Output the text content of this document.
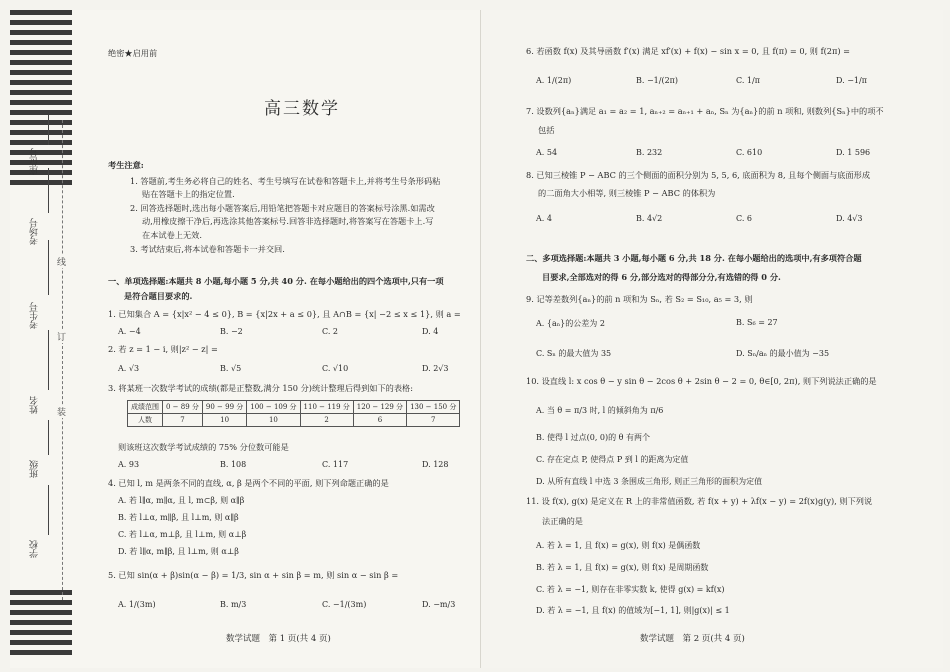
座位号
考场号
考生号
姓名
班级
学校
线
订
装
绝密★启用前
高三数学
考生注意:
1. 答题前,考生务必将自己的姓名、考生号填写在试卷和答题卡上,并将考生号条形码粘
贴在答题卡上的指定位置.
2. 回答选择题时,选出每小题答案后,用铅笔把答题卡对应题目的答案标号涂黑.如需改
动,用橡皮擦干净后,再选涂其他答案标号.回答非选择题时,将答案写在答题卡上.写
在本试卷上无效.
3. 考试结束后,将本试卷和答题卡一并交回.
一、单项选择题:本题共 8 小题,每小题 5 分,共 40 分. 在每小题给出的四个选项中,只有一项
是符合题目要求的.
1. 已知集合 A = {x|x² − 4 ≤ 0}, B = {x|2x + a ≤ 0}, 且 A∩B = {x| −2 ≤ x ≤ 1}, 则 a =
A. −4	B. −2	C. 2	D. 4
2. 若 z = 1 − i, 则|z² − z| =
A. √3	B. √5	C. √10	D. 2√3
3. 将某班一次数学考试的成绩(都是正整数,满分 150 分)统计整理后得到如下的表格:
成绩范围	0 − 89 分	90 − 99 分	100 − 109 分	110 − 119 分	120 − 129 分	130 − 150 分
人数	7	10	10	2	6	7
则该班这次数学考试成绩的 75% 分位数可能是
A. 93	B. 108	C. 117	D. 128
4. 已知 l, m 是两条不同的直线, α, β 是两个不同的平面, 则下列命题正确的是
A. 若 l∥α, m∥α, 且 l, m⊂β, 则 α∥β
B. 若 l⊥α, m∥β, 且 l⊥m, 则 α∥β
C. 若 l⊥α, m⊥β, 且 l⊥m, 则 α⊥β
D. 若 l∥α, m∥β, 且 l⊥m, 则 α⊥β
5. 已知 sin(α + β)sin(α − β) = 1/3, sin α + sin β = m, 则 sin α − sin β =
A. 1/(3m)	B. m/3	C. −1/(3m)	D. −m/3
数学试题　第 1 页(共 4 页)
6. 若函数 f(x) 及其导函数 f′(x) 满足 xf′(x) + f(x) − sin x = 0, 且 f(π) = 0, 则 f(2π) =
A. 1/(2π)	B. −1/(2π)	C. 1/π	D. −1/π
7. 设数列{aₙ}满足 a₁ = a₂ = 1, aₙ₊₂ = aₙ₊₁ + aₙ, Sₙ 为{aₙ}的前 n 项和, 则数列{Sₙ}中的项不
包括
A. 54	B. 232	C. 610	D. 1 596
8. 已知三棱锥 P − ABC 的三个侧面的面积分别为 5, 5, 6, 底面积为 8, 且每个侧面与底面形成
的二面角大小相等, 则三棱锥 P − ABC 的体积为
A. 4	B. 4√2	C. 6	D. 4√3
二、多项选择题:本题共 3 小题,每小题 6 分,共 18 分. 在每小题给出的选项中,有多项符合题
目要求,全部选对的得 6 分,部分选对的得部分分,有选错的得 0 分.
9. 记等差数列{aₙ}的前 n 项和为 Sₙ, 若 S₂ = S₁₀, a₅ = 3, 则
A. {aₙ}的公差为 2	B. S₆ = 27
C. Sₙ 的最大值为 35	D. Sₙ/aₙ 的最小值为 −35
10. 设直线 l: x cos θ − y sin θ − 2cos θ + 2sin θ − 2 = 0, θ∈[0, 2π), 则下列说法正确的是
A. 当 θ = π/3 时, l 的倾斜角为 π/6
B. 使得 l 过点(0, 0)的 θ 有两个
C. 存在定点 P, 使得点 P 到 l 的距离为定值
D. 从所有直线 l 中选 3 条围成三角形, 则正三角形的面积为定值
11. 设 f(x), g(x) 是定义在 R 上的非常值函数, 若 f(x + y) + λf(x − y) = 2f(x)g(y), 则下列说
法正确的是
A. 若 λ = 1, 且 f(x) = g(x), 则 f(x) 是偶函数
B. 若 λ = 1, 且 f(x) = g(x), 则 f(x) 是周期函数
C. 若 λ = −1, 则存在非零实数 k, 使得 g(x) = kf(x)
D. 若 λ = −1, 且 f(x) 的值域为[−1, 1], 则|g(x)| ≤ 1
数学试题　第 2 页(共 4 页)
